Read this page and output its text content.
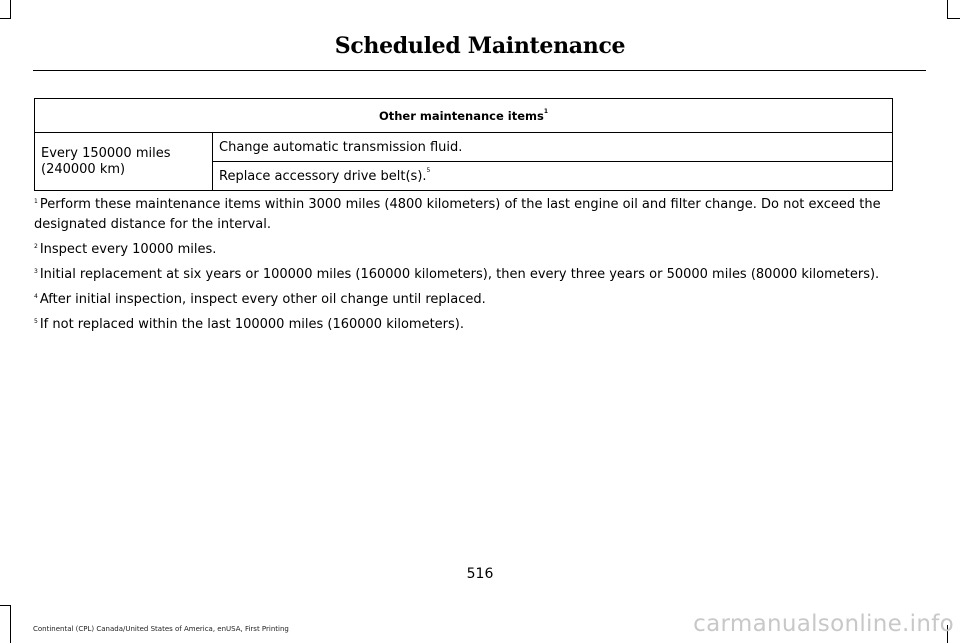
Scheduled Maintenance
Other maintenance items$^1$
Every 150000 miles (240000 km)	Change automatic transmission fluid.
Replace accessory drive belt(s).$^5$

$^1$ Perform these maintenance items within 3000 miles (4800 kilometers) of the last engine oil and filter change. Do not exceed the designated distance for the interval.

$^2$ Inspect every 10000 miles.

$^3$ Initial replacement at six years or 100000 miles (160000 kilometers), then every three years or 50000 miles (80000 kilometers).

$^4$ After initial inspection, inspect every other oil change until replaced.

$^5$ If not replaced within the last 100000 miles (160000 kilometers).

516
Continental (CPL) Canada/United States of America, enUSA, First Printing	carmanualsonline.info
